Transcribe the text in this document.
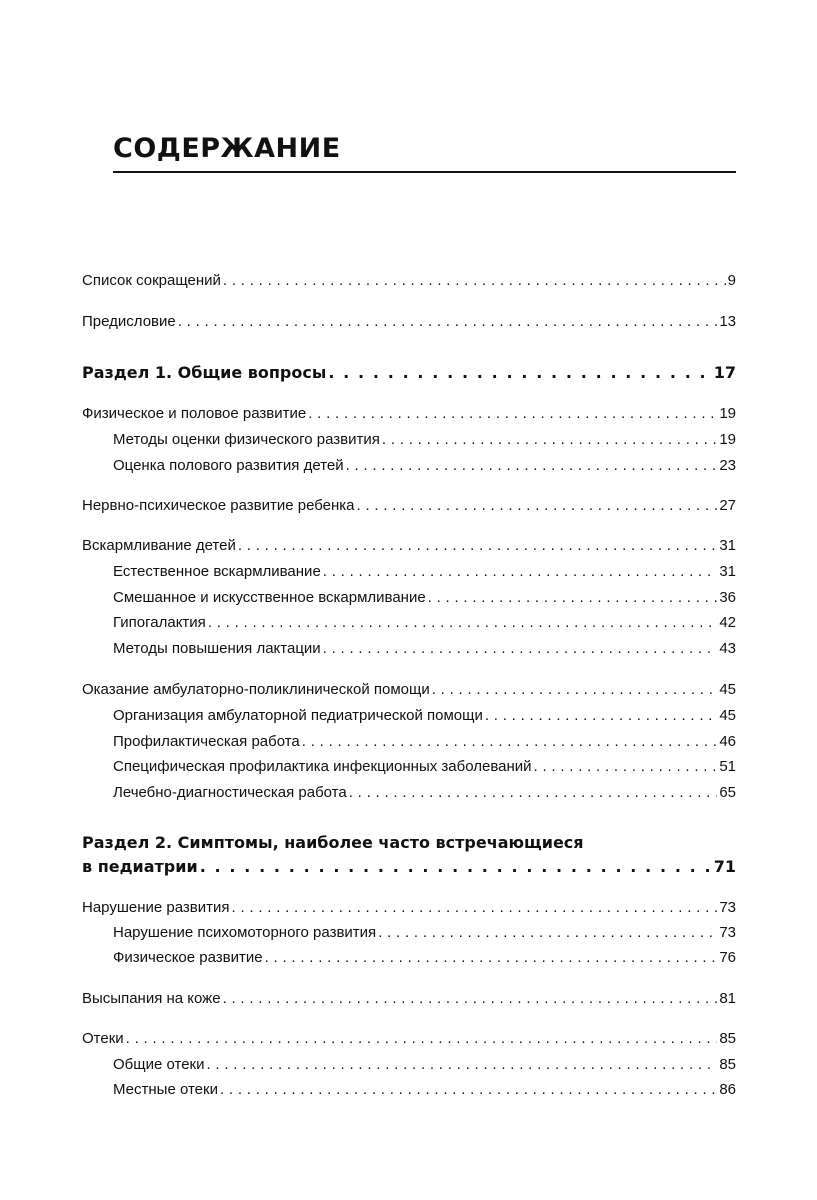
СОДЕРЖАНИЕ
Список сокращений . . .	9
Предисловие . . .	13
Раздел 1. Общие вопросы . . .	17
Физическое и половое развитие . . .	19
Методы оценки физического развития . . .	19
Оценка полового развития детей . . .	23
Нервно-психическое развитие ребенка . . .	27
Вскармливание детей . . .	31
Естественное вскармливание . . .	31
Смешанное и искусственное вскармливание . . .	36
Гипогалактия . . .	42
Методы повышения лактации . . .	43
Оказание амбулаторно-поликлинической помощи . . .	45
Организация амбулаторной педиатрической помощи . . .	45
Профилактическая работа . . .	46
Специфическая профилактика инфекционных заболеваний . . .	51
Лечебно-диагностическая работа . . .	65
Раздел 2. Симптомы, наиболее часто встречающиеся
в педиатрии . . .	71
Нарушение развития . . .	73
Нарушение психомоторного развития . . .	73
Физическое развитие . . .	76
Высыпания на коже . . .	81
Отеки . . .	85
Общие отеки . . .	85
Местные отеки . . .	86
